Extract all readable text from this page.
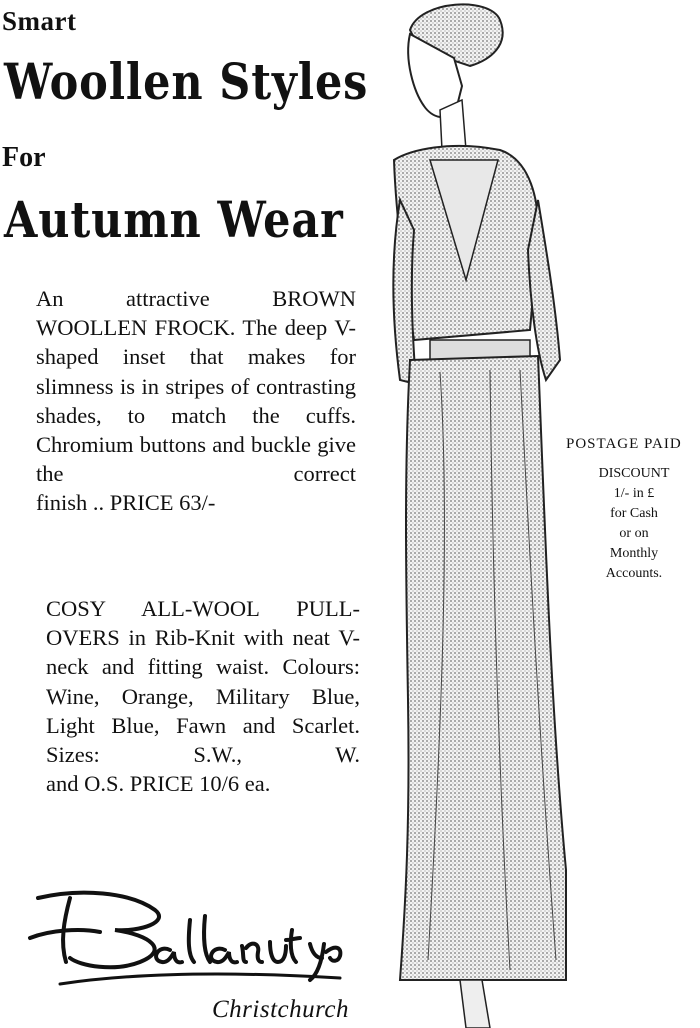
Smart
Woollen Styles
For
Autumn Wear
An attractive BROWN WOOLLEN FROCK. The deep V-shaped inset that makes for slimness is in stripes of contrasting shades, to match the cuffs. Chromium buttons and buckle give the correct
finish .. PRICE 63/-
COSY ALL-WOOL PULL-OVERS in Rib-Knit with neat V-neck and fitting waist. Colours: Wine, Orange, Military Blue, Light Blue, Fawn and Scarlet. Sizes: S.W., W.
and O.S. PRICE 10/6 ea.
POSTAGE PAID
DISCOUNT
1/- in £
for Cash
or on
Monthly
Accounts.
Christchurch
